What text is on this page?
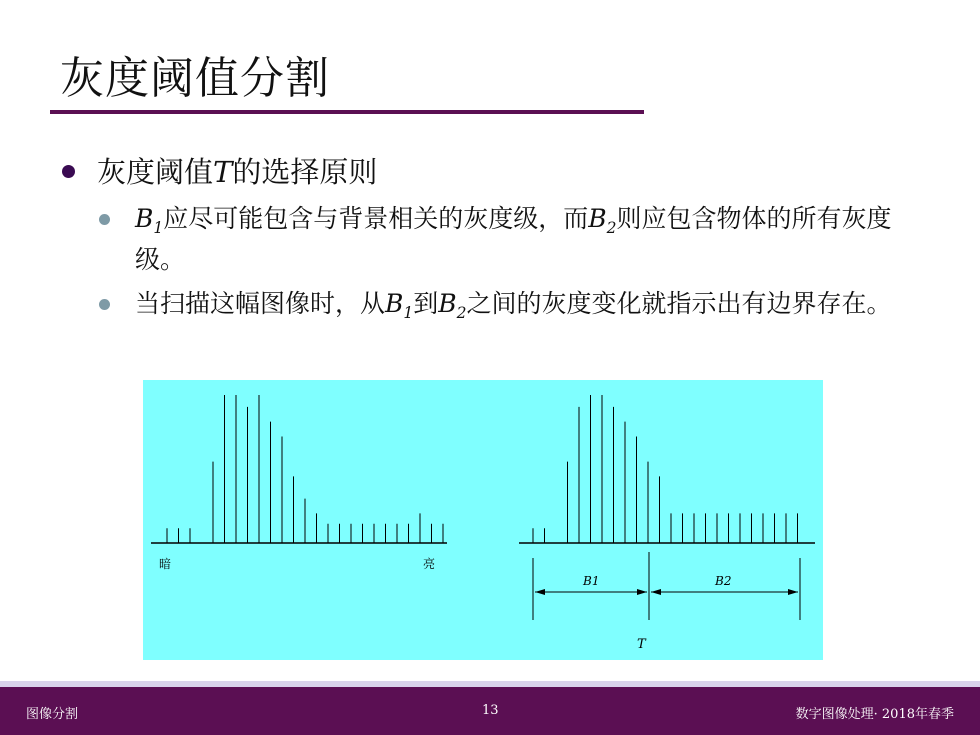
灰度阈值分割
灰度阈值T的选择原则
$B_1$应尽可能包含与背景相关的灰度级，而$B_2$则应包含物体的所有灰度级。
当扫描这幅图像时，从$B_1$到$B_2$之间的灰度变化就指示出有边界存在。
暗	亮
B1	B2
T
图像分割	13	数字图像处理· 2018年春季
